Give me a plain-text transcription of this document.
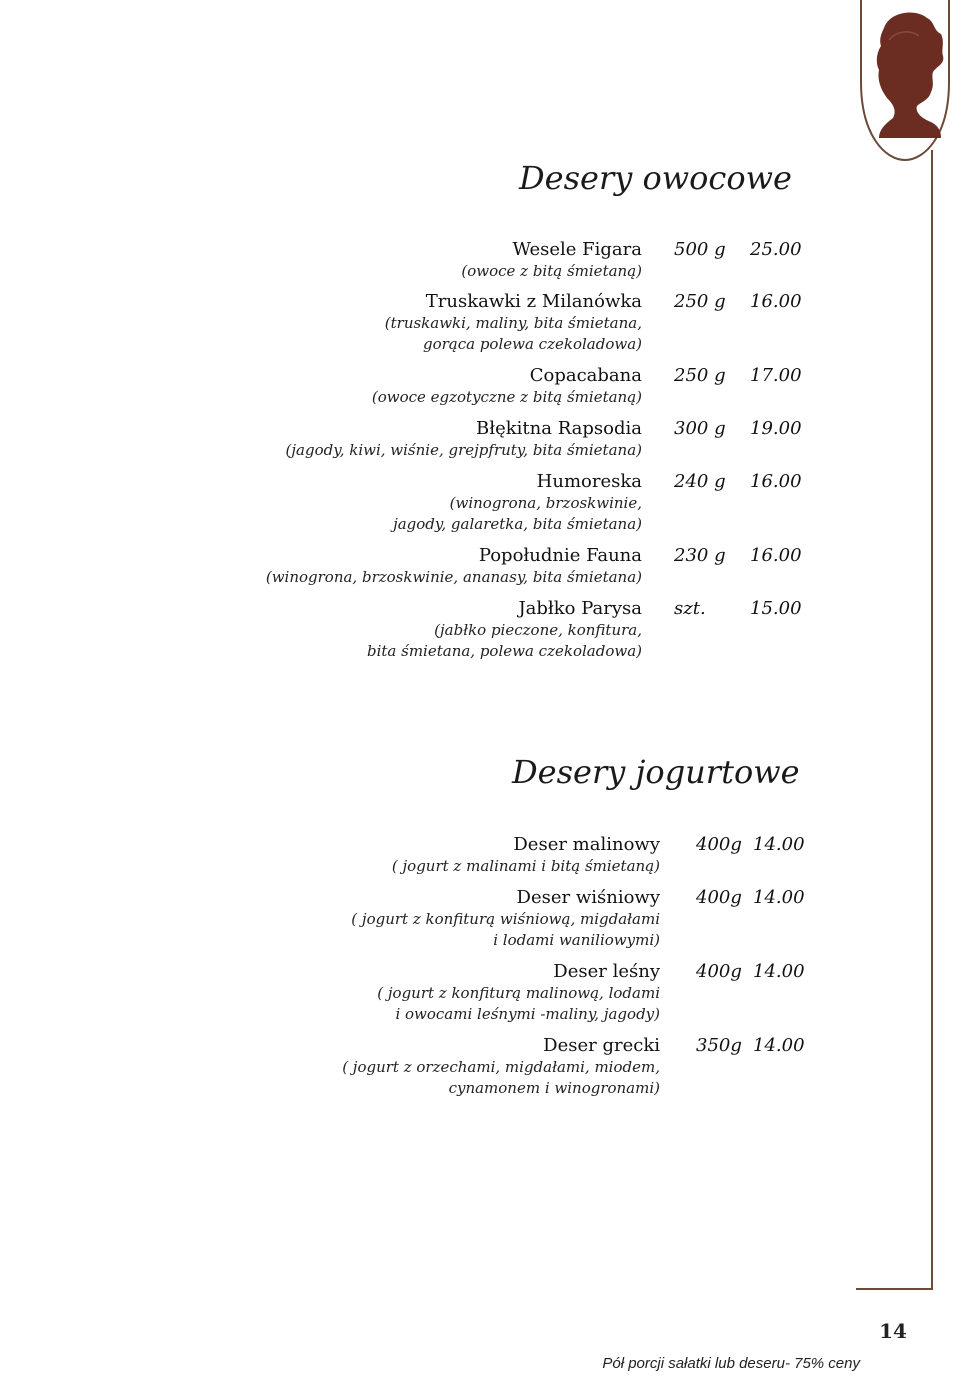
Desery owocowe
Wesele Figara
(owoce z bitą śmietaną)
500 g 25.00
Truskawki z Milanówka
(truskawki, maliny, bita śmietana,
gorąca polewa czekoladowa)
250 g 16.00
Copacabana
(owoce egzotyczne z bitą śmietaną)
250 g 17.00
Błękitna Rapsodia
(jagody, kiwi, wiśnie, grejpfruty, bita śmietana)
300 g 19.00
Humoreska
(winogrona, brzoskwinie,
jagody, galaretka, bita śmietana)
240 g 16.00
Popołudnie Fauna
(winogrona, brzoskwinie, ananasy, bita śmietana)
230 g 16.00
Jabłko Parysa
(jabłko pieczone, konfitura,
bita śmietana, polewa czekoladowa)
szt. 15.00
Desery jogurtowe
Deser malinowy
( jogurt z malinami i bitą śmietaną)
400g 14.00
Deser wiśniowy
( jogurt z konfiturą wiśniową, migdałami
i lodami waniliowymi)
400g 14.00
Deser leśny
( jogurt z konfiturą malinową, lodami
i owocami leśnymi -maliny, jagody)
400g 14.00
Deser grecki
( jogurt z orzechami, migdałami, miodem,
cynamonem i winogronami)
350g 14.00
Pół porcji sałatki lub deseru- 75% ceny
14
